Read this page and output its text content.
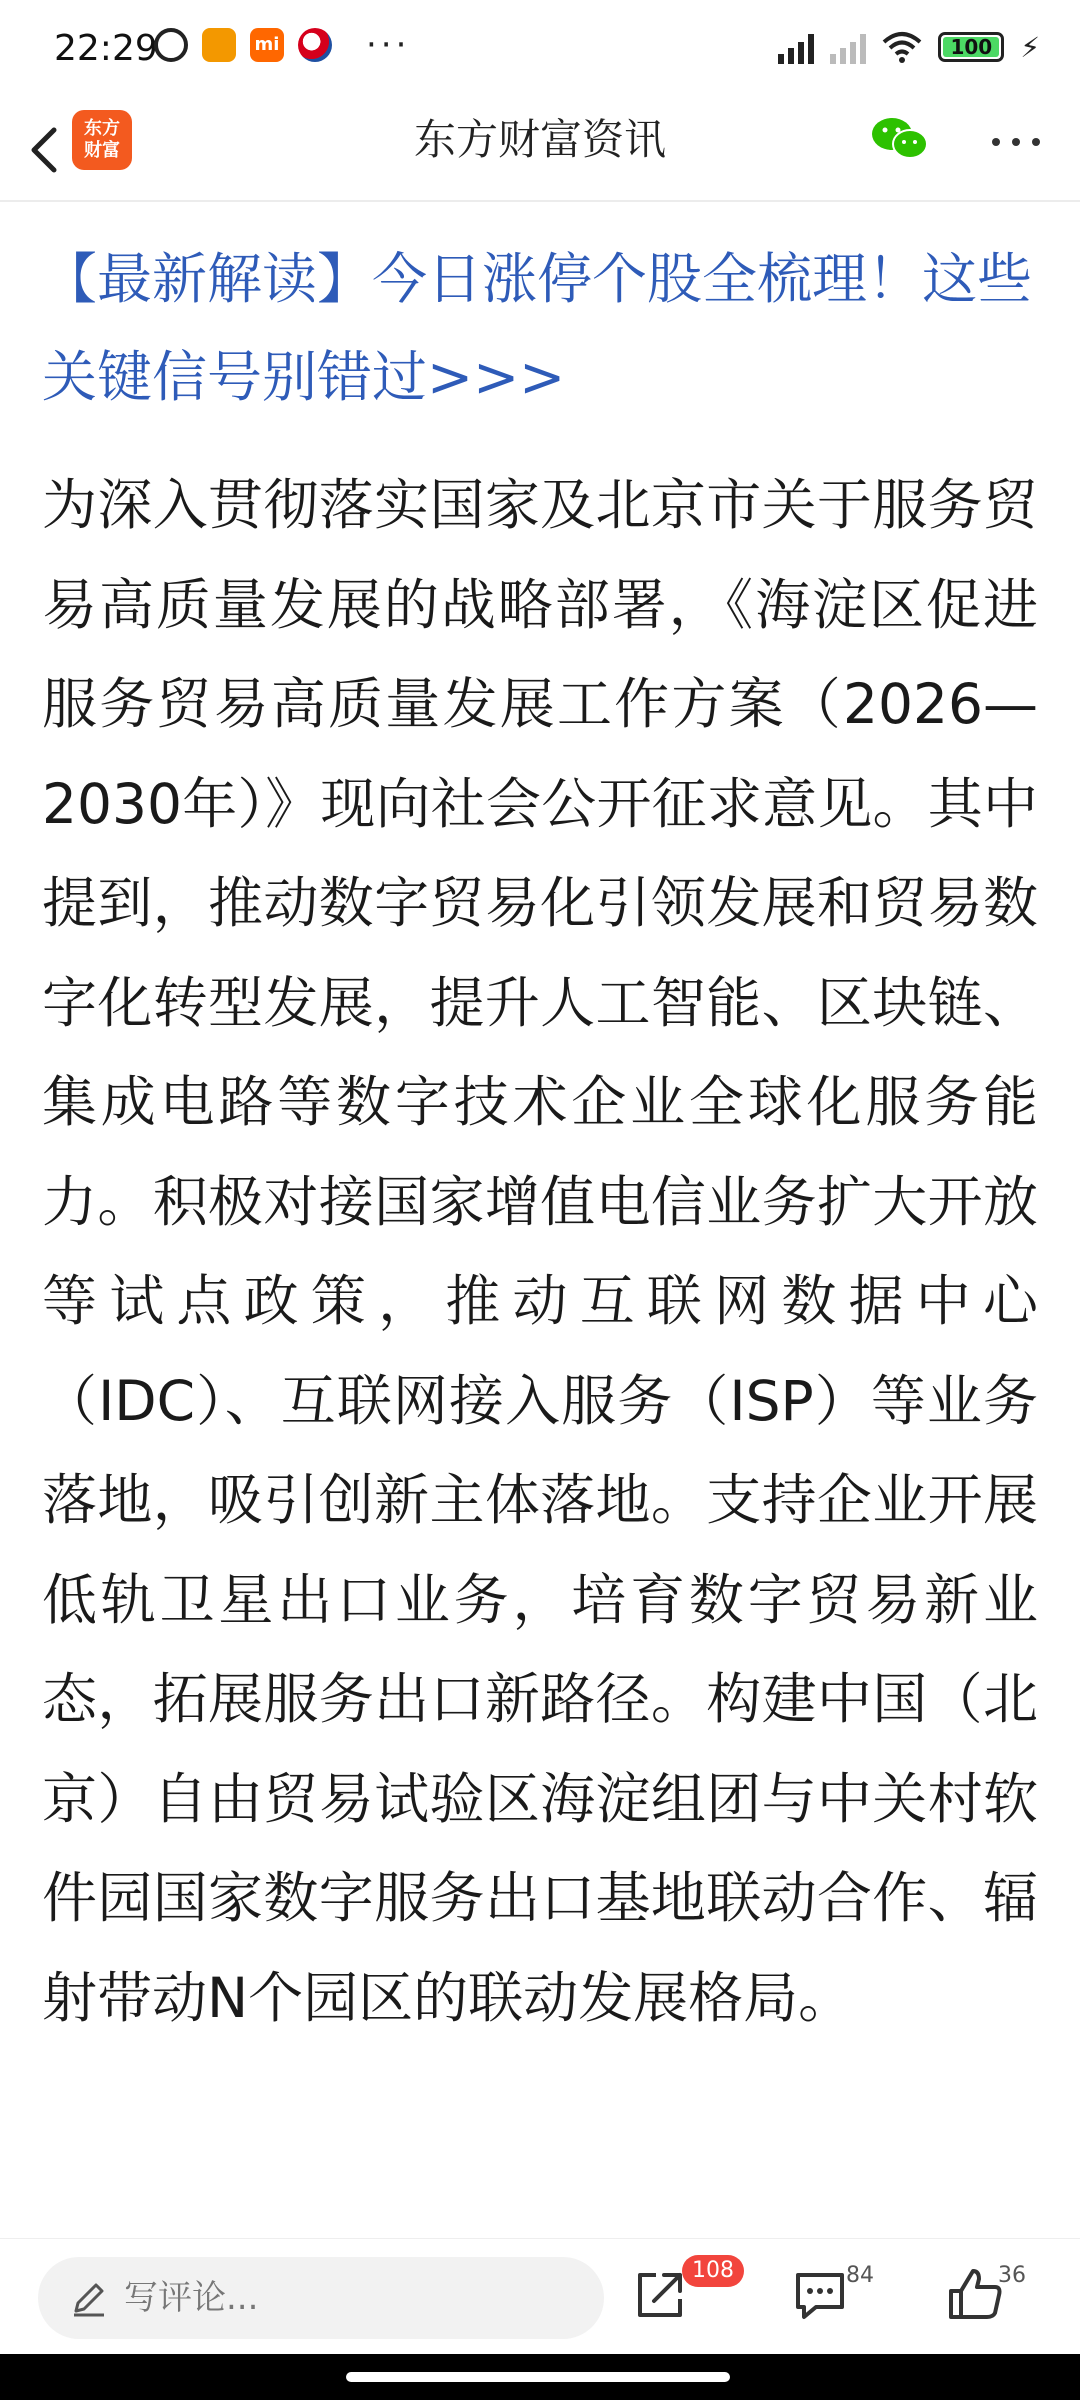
22:29	mi	···	100	⚡
东方财富资讯
东方
财富

【最新解读】今日涨停个股全梳理！这些关键信号别错过>>>

为深入贯彻落实国家及北京市关于服务贸易高质量发展的战略部署，《海淀区促进服务贸易高质量发展工作方案（2026—2030年）》现向社会公开征求意见。其中提到，推动数字贸易化引领发展和贸易数字化转型发展，提升人工智能、区块链、集成电路等数字技术企业全球化服务能力。积极对接国家增值电信业务扩大开放等试点政策，推动互联网数据中心（IDC）、互联网接入服务（ISP）等业务落地，吸引创新主体落地。支持企业开展低轨卫星出口业务，培育数字贸易新业态，拓展服务出口新路径。构建中国（北京）自由贸易试验区海淀组团与中关村软件园国家数字服务出口基地联动合作、辐射带动N个园区的联动发展格局。

写评论...
108	84	36
